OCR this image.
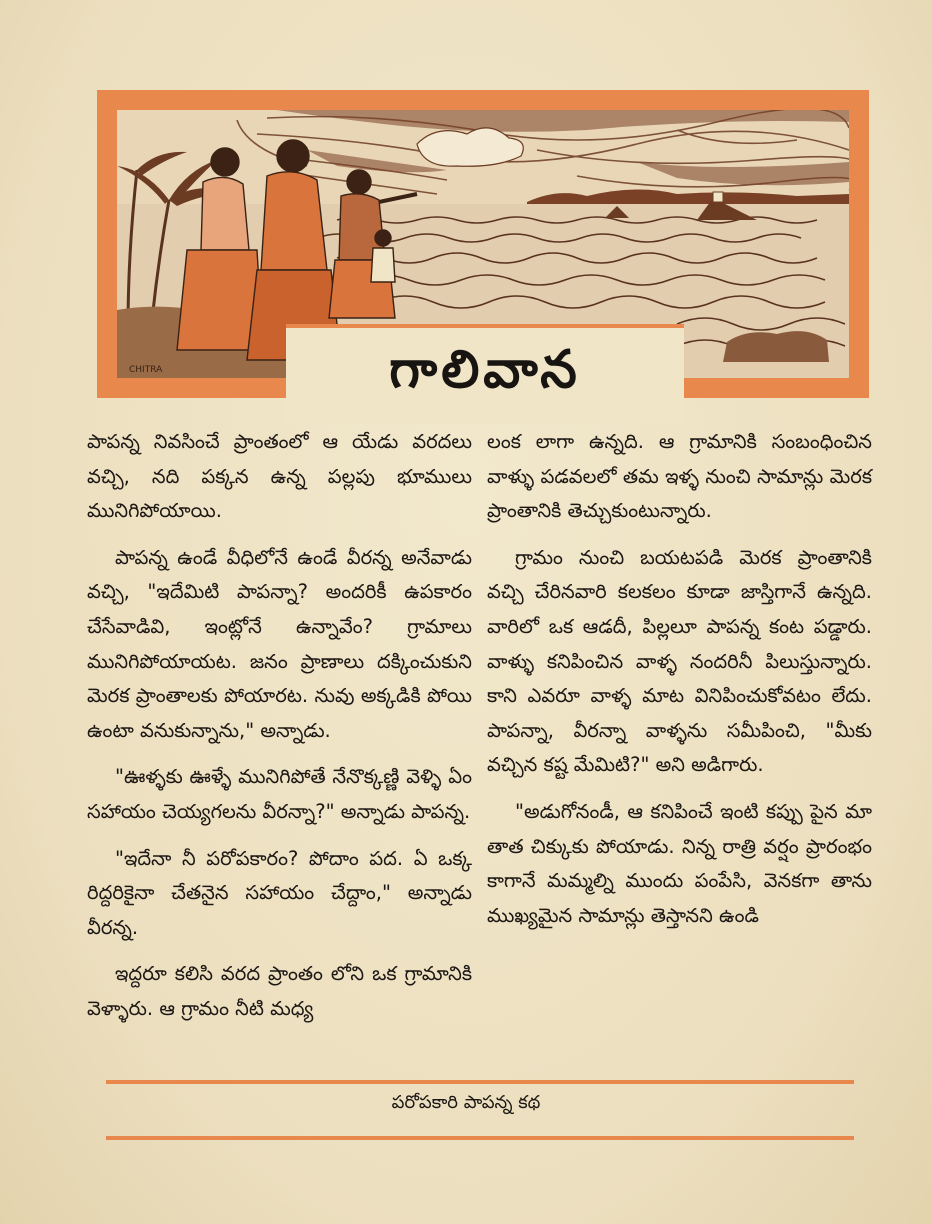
CHITRA	గాలివాన

పాపన్న నివసించే ప్రాంతంలో ఆ యేడు వరదలు వచ్చి, నది పక్కన ఉన్న పల్లపు భూములు మునిగిపోయాయి.

పాపన్న ఉండే వీధిలోనే ఉండే వీరన్న అనేవాడు వచ్చి, "ఇదేమిటి పాపన్నా? అందరికీ ఉపకారం చేసేవాడివి, ఇంట్లోనే ఉన్నావేం? గ్రామాలు మునిగిపోయాయట. జనం ప్రాణాలు దక్కించుకుని మెరక ప్రాంతాలకు పోయారట. నువు అక్కడికి పోయి ఉంటా వనుకున్నాను," అన్నాడు.

"ఊళ్ళకు ఊళ్ళే మునిగిపోతే నేనొక్కణ్ణి వెళ్ళి ఏం సహాయం చెయ్యగలను వీరన్నా?" అన్నాడు పాపన్న.

"ఇదేనా నీ పరోపకారం? పోదాం పద. ఏ ఒక్క రిద్దరికైనా చేతనైన సహాయం చేద్దాం," అన్నాడు వీరన్న.

ఇద్దరూ కలిసి వరద ప్రాంతం లోని ఒక గ్రామానికి వెళ్ళారు. ఆ గ్రామం నీటి మధ్య

లంక లాగా ఉన్నది. ఆ గ్రామానికి సంబంధించిన వాళ్ళు పడవలలో తమ ఇళ్ళ నుంచి సామాన్లు మెరక ప్రాంతానికి తెచ్చుకుంటున్నారు.

గ్రామం నుంచి బయటపడి మెరక ప్రాంతానికి వచ్చి చేరినవారి కలకలం కూడా జాస్తిగానే ఉన్నది. వారిలో ఒక ఆడదీ, పిల్లలూ పాపన్న కంట పడ్డారు. వాళ్ళు కనిపించిన వాళ్ళ నందరినీ పిలుస్తున్నారు. కాని ఎవరూ వాళ్ళ మాట వినిపించుకోవటం లేదు. పాపన్నా, వీరన్నా వాళ్ళను సమీపించి, "మీకు వచ్చిన కష్ట మేమిటి?" అని అడిగారు.

"అడుగోనండీ, ఆ కనిపించే ఇంటి కప్పు పైన మా తాత చిక్కుకు పోయాడు. నిన్న రాత్రి వర్షం ప్రారంభం కాగానే మమ్మల్ని ముందు పంపేసి, వెనకగా తాను ముఖ్యమైన సామాన్లు తెస్తానని ఉండి

పరోపకారి పాపన్న కథ
